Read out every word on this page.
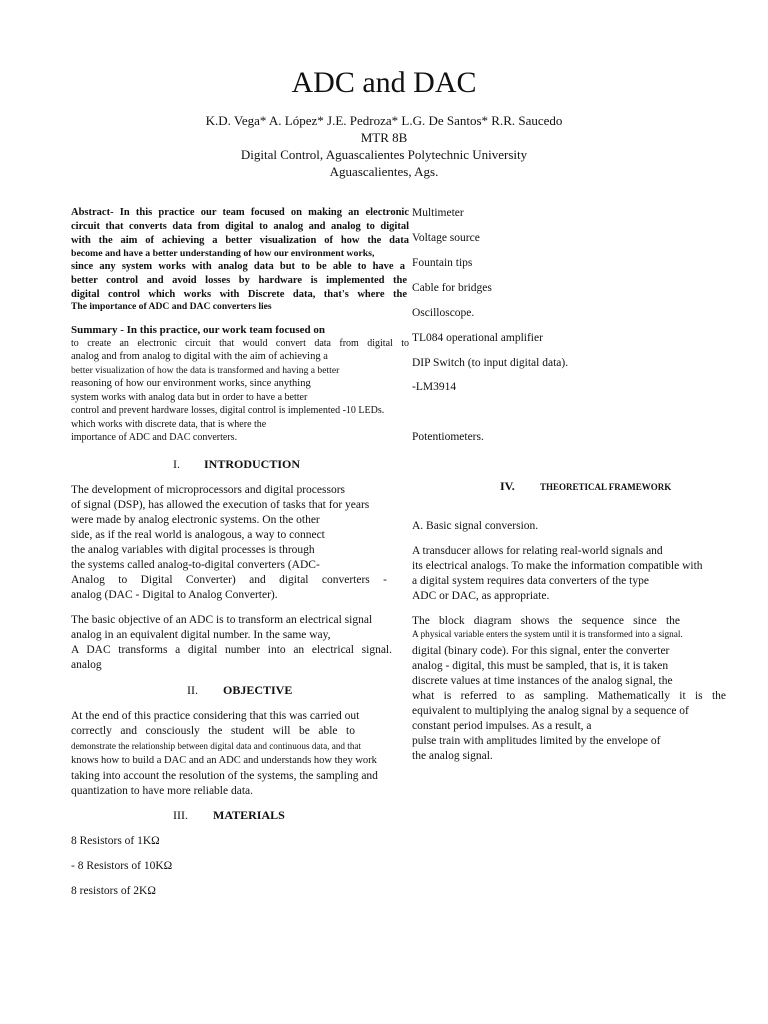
ADC and DAC
K.D. Vega* A. López* J.E. Pedroza* L.G. De Santos* R.R. Saucedo
MTR 8B
Digital Control, Aguascalientes Polytechnic University
Aguascalientes, Ags.
Abstract- In this practice our team focused on making an electronic
circuit that converts data from digital to analog and analog to digital
with the aim of achieving a better visualization of how the data
become and have a better understanding of how our environment works,
since any system works with analog data but to be able to have a
better control and avoid losses by hardware is implemented the
digital control which works with Discrete data, that's where the
The importance of ADC and DAC converters lies
Summary - In this practice, our work team focused on
to create an electronic circuit that would convert data from digital to
analog and from analog to digital with the aim of achieving a
better visualization of how the data is transformed and having a better
reasoning of how our environment works, since anything
system works with analog data but in order to have a better
control and prevent hardware losses, digital control is implemented -10 LEDs.
which works with discrete data, that is where the
importance of ADC and DAC converters.
I. INTRODUCTION
The development of microprocessors and digital processors
of signal (DSP), has allowed the execution of tasks that for years
were made by analog electronic systems. On the other
side, as if the real world is analogous, a way to connect
the analog variables with digital processes is through
the systems called analog-to-digital converters (ADC-
Analog to Digital Converter) and digital converters -
analog (DAC - Digital to Analog Converter).
The basic objective of an ADC is to transform an electrical signal
analog in an equivalent digital number. In the same way,
A DAC transforms a digital number into an electrical signal.
analog
II. OBJECTIVE
At the end of this practice considering that this was carried out
correctly and consciously the student will be able to
demonstrate the relationship between digital data and continuous data, and that
knows how to build a DAC and an ADC and understands how they work
taking into account the resolution of the systems, the sampling and
quantization to have more reliable data.
III. MATERIALS
8 Resistors of 1KΩ
- 8 Resistors of 10KΩ
8 resistors of 2KΩ
Multimeter
Voltage source
Fountain tips
Cable for bridges
Oscilloscope.
TL084 operational amplifier
DIP Switch (to input digital data).
-LM3914
Potentiometers.
IV.	THEORETICAL FRAMEWORK
A. Basic signal conversion.
A transducer allows for relating real-world signals and
its electrical analogs. To make the information compatible with
a digital system requires data converters of the type
ADC or DAC, as appropriate.
The block diagram shows the sequence since the
A physical variable enters the system until it is transformed into a signal.
digital (binary code). For this signal, enter the converter
analog - digital, this must be sampled, that is, it is taken
discrete values at time instances of the analog signal, the
what is referred to as sampling. Mathematically it is the
equivalent to multiplying the analog signal by a sequence of
constant period impulses. As a result, a
pulse train with amplitudes limited by the envelope of
the analog signal.
